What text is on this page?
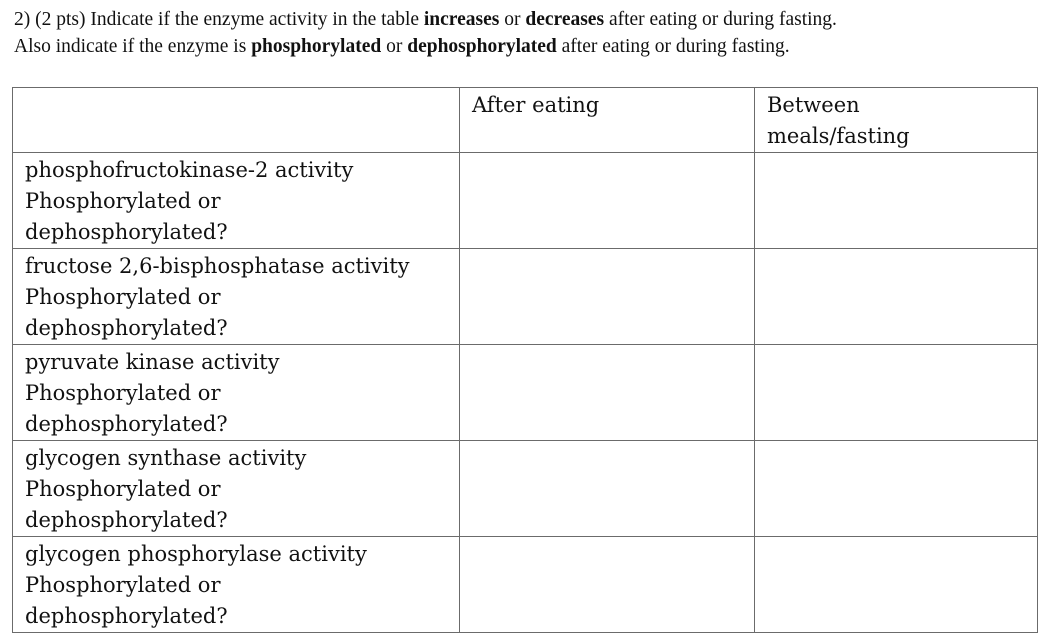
2) (2 pts) Indicate if the enzyme activity in the table increases or decreases after eating or during fasting.

Also indicate if the enzyme is phosphorylated or dephosphorylated after eating or during fasting.

	After eating	Between
meals/fasting

phosphofructokinase-2 activity
Phosphorylated or
dephosphorylated?		

fructose 2,6-bisphosphatase activity
Phosphorylated or
dephosphorylated?		

pyruvate kinase activity
Phosphorylated or
dephosphorylated?		

glycogen synthase activity
Phosphorylated or
dephosphorylated?		

glycogen phosphorylase activity
Phosphorylated or
dephosphorylated?		
